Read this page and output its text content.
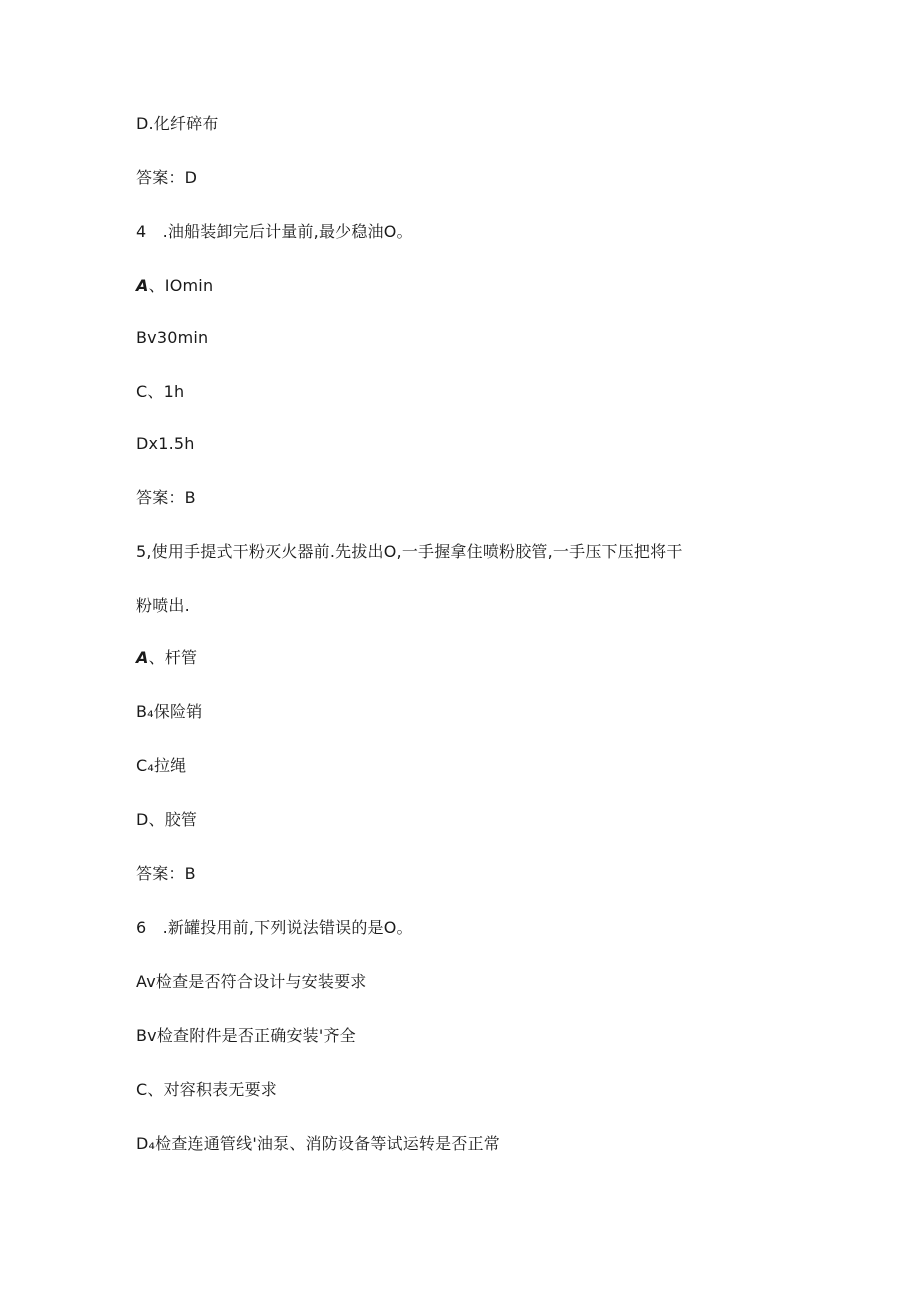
D.化纤碎布
答案：D
4　.油船装卸完后计量前,最少稳油O。
A、IOmin
Bv30min
C、1h
Dx1.5h
答案：B
5,使用手提式干粉灭火器前.先拔出O,一手握拿住喷粉胶管,一手压下压把将干
粉喷出.
A、杆管
B₄保险销
C₄拉绳
D、胶管
答案：B
6　.新罐投用前,下列说法错误的是O。
Av检查是否符合设计与安装要求
Bv检查附件是否正确安装'齐全
C、对容积表无要求
D₄检查连通管线'油泵、消防设备等试运转是否正常
